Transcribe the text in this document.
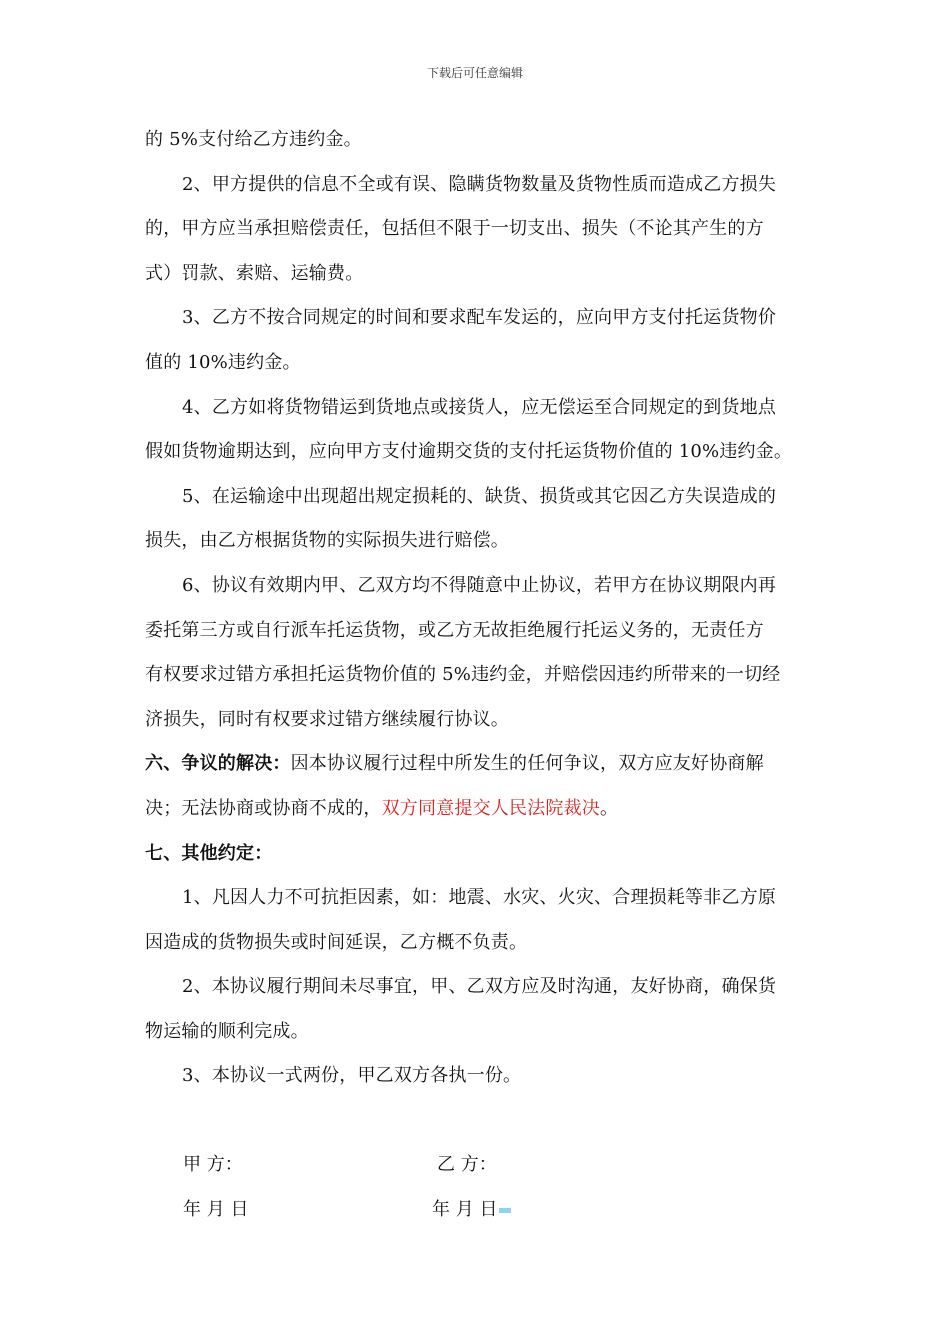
下载后可任意编辑
的 5%支付给乙方违约金。
2、甲方提供的信息不全或有误、隐瞒货物数量及货物性质而造成乙方损失
的，甲方应当承担赔偿责任，包括但不限于一切支出、损失（不论其产生的方
式）罚款、索赔、运输费。
3、乙方不按合同规定的时间和要求配车发运的，应向甲方支付托运货物价
值的 10%违约金。
4、乙方如将货物错运到货地点或接货人，应无偿运至合同规定的到货地点
假如货物逾期达到，应向甲方支付逾期交货的支付托运货物价值的 10%违约金。
5、在运输途中出现超出规定损耗的、缺货、损货或其它因乙方失误造成的
损失，由乙方根据货物的实际损失进行赔偿。
6、协议有效期内甲、乙双方均不得随意中止协议，若甲方在协议期限内再
委托第三方或自行派车托运货物，或乙方无故拒绝履行托运义务的，无责任方
有权要求过错方承担托运货物价值的 5%违约金，并赔偿因违约所带来的一切经
济损失，同时有权要求过错方继续履行协议。
六、争议的解决：因本协议履行过程中所发生的任何争议，双方应友好协商解
决；无法协商或协商不成的，双方同意提交人民法院裁决。
七、其他约定：
1、凡因人力不可抗拒因素，如：地震、水灾、火灾、合理损耗等非乙方原
因造成的货物损失或时间延误，乙方概不负责。
2、本协议履行期间未尽事宜，甲、乙双方应及时沟通，友好协商，确保货
物运输的顺利完成。
3、本协议一式两份，甲乙双方各执一份。
甲 方：	乙 方：
年 月 日	年 月 日
